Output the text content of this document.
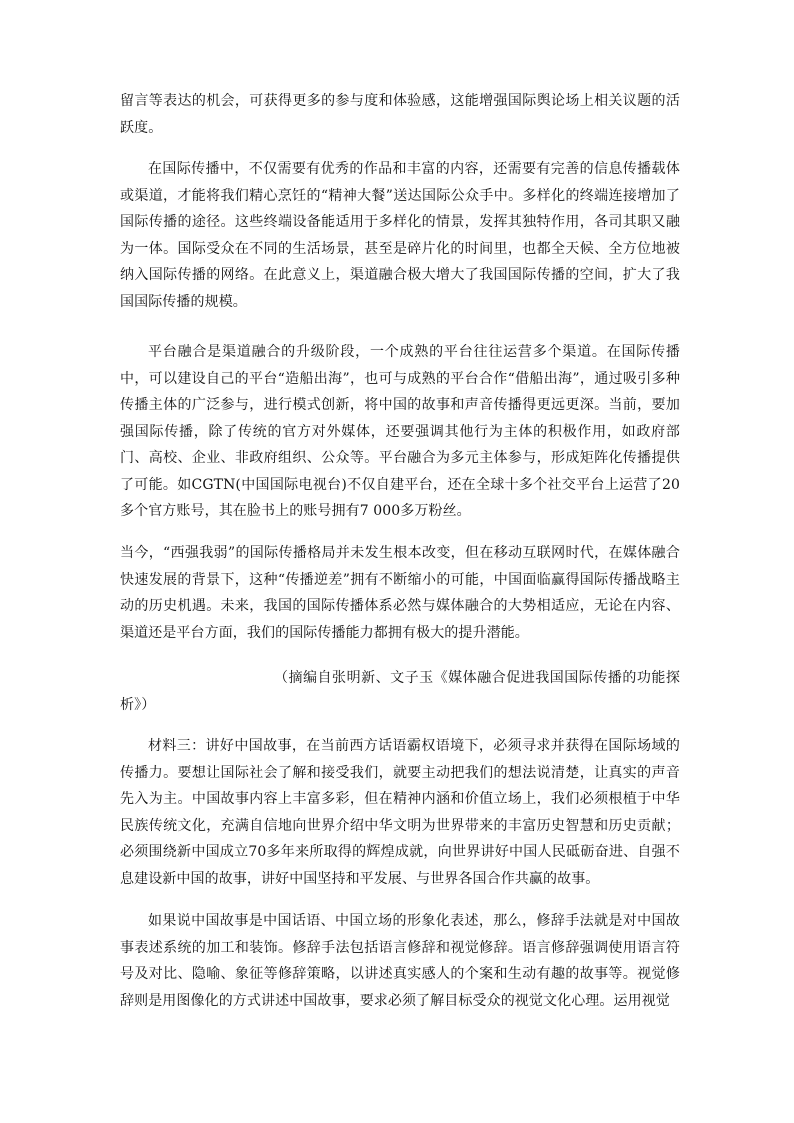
留言等表达的机会，可获得更多的参与度和体验感，这能增强国际舆论场上相关议题的活跃度。

在国际传播中，不仅需要有优秀的作品和丰富的内容，还需要有完善的信息传播载体或渠道，才能将我们精心烹饪的“精神大餐”送达国际公众手中。多样化的终端连接增加了国际传播的途径。这些终端设备能适用于多样化的情景，发挥其独特作用，各司其职又融为一体。国际受众在不同的生活场景，甚至是碎片化的时间里，也都全天候、全方位地被纳入国际传播的网络。在此意义上，渠道融合极大增大了我国国际传播的空间，扩大了我国国际传播的规模。

平台融合是渠道融合的升级阶段，一个成熟的平台往往运营多个渠道。在国际传播中，可以建设自己的平台“造船出海”，也可与成熟的平台合作“借船出海”，通过吸引多种传播主体的广泛参与，进行模式创新，将中国的故事和声音传播得更远更深。当前，要加强国际传播，除了传统的官方对外媒体，还要强调其他行为主体的积极作用，如政府部门、高校、企业、非政府组织、公众等。平台融合为多元主体参与，形成矩阵化传播提供了可能。如CGTN(中国国际电视台)不仅自建平台，还在全球十多个社交平台上运营了20多个官方账号，其在脸书上的账号拥有7 000多万粉丝。

当今，“西强我弱”的国际传播格局并未发生根本改变，但在移动互联网时代，在媒体融合快速发展的背景下，这种“传播逆差”拥有不断缩小的可能，中国面临赢得国际传播战略主动的历史机遇。未来，我国的国际传播体系必然与媒体融合的大势相适应，无论在内容、渠道还是平台方面，我们的国际传播能力都拥有极大的提升潜能。

（摘编自张明新、文子玉《媒体融合促进我国国际传播的功能探析》）

材料三：讲好中国故事，在当前西方话语霸权语境下，必须寻求并获得在国际场域的传播力。要想让国际社会了解和接受我们，就要主动把我们的想法说清楚，让真实的声音先入为主。中国故事内容上丰富多彩，但在精神内涵和价值立场上，我们必须根植于中华民族传统文化，充满自信地向世界介绍中华文明为世界带来的丰富历史智慧和历史贡献；必须围绕新中国成立70多年来所取得的辉煌成就，向世界讲好中国人民砥砺奋进、自强不息建设新中国的故事，讲好中国坚持和平发展、与世界各国合作共赢的故事。

如果说中国故事是中国话语、中国立场的形象化表述，那么，修辞手法就是对中国故事表述系统的加工和装饰。修辞手法包括语言修辞和视觉修辞。语言修辞强调使用语言符号及对比、隐喻、象征等修辞策略，以讲述真实感人的个案和生动有趣的故事等。视觉修辞则是用图像化的方式讲述中国故事，要求必须了解目标受众的视觉文化心理。运用视觉
